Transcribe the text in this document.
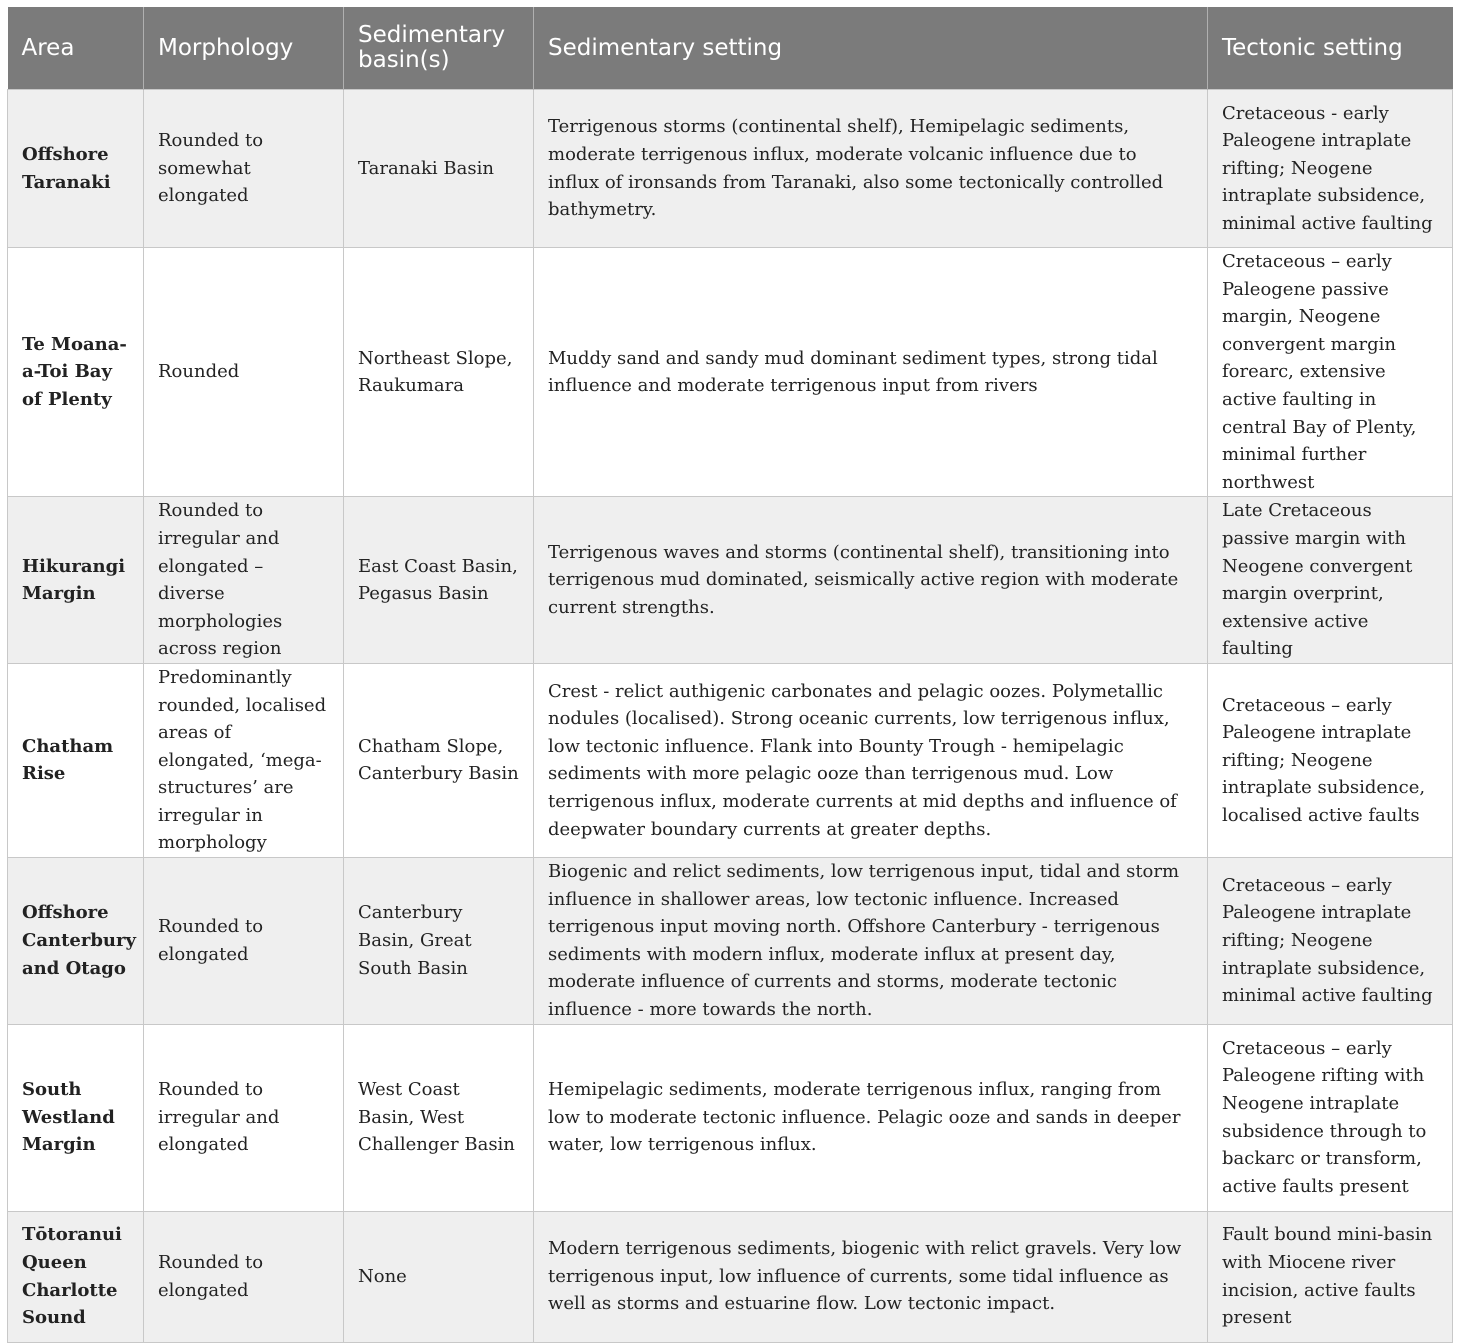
Area	Morphology	Sedimentary basin(s)	Sedimentary setting	Tectonic setting
Offshore Taranaki	Rounded to somewhat elongated	Taranaki Basin	Terrigenous storms (continental shelf), Hemipelagic sediments, moderate terrigenous influx, moderate volcanic influence due to influx of ironsands from Taranaki, also some tectonically controlled bathymetry.	Cretaceous - early Paleogene intraplate rifting; Neogene intraplate subsidence, minimal active faulting
Te Moana-a-Toi Bay of Plenty	Rounded	Northeast Slope, Raukumara	Muddy sand and sandy mud dominant sediment types, strong tidal influence and moderate terrigenous input from rivers	Cretaceous – early Paleogene passive margin, Neogene convergent margin forearc, extensive active faulting in central Bay of Plenty, minimal further northwest
Hikurangi Margin	Rounded to irregular and elongated – diverse morphologies across region	East Coast Basin, Pegasus Basin	Terrigenous waves and storms (continental shelf), transitioning into terrigenous mud dominated, seismically active region with moderate current strengths.	Late Cretaceous passive margin with Neogene convergent margin overprint, extensive active faulting
Chatham Rise	Predominantly rounded, localised areas of elongated, ‘mega-structures’ are irregular in morphology	Chatham Slope, Canterbury Basin	Crest - relict authigenic carbonates and pelagic oozes. Polymetallic nodules (localised). Strong oceanic currents, low terrigenous influx, low tectonic influence. Flank into Bounty Trough - hemipelagic sediments with more pelagic ooze than terrigenous mud. Low terrigenous influx, moderate currents at mid depths and influence of deepwater boundary currents at greater depths.	Cretaceous – early Paleogene intraplate rifting; Neogene intraplate subsidence, localised active faults
Offshore Canterbury and Otago	Rounded to elongated	Canterbury Basin, Great South Basin	Biogenic and relict sediments, low terrigenous input, tidal and storm influence in shallower areas, low tectonic influence. Increased terrigenous input moving north. Offshore Canterbury - terrigenous sediments with modern influx, moderate influx at present day, moderate influence of currents and storms, moderate tectonic influence - more towards the north.	Cretaceous – early Paleogene intraplate rifting; Neogene intraplate subsidence, minimal active faulting
South Westland Margin	Rounded to irregular and elongated	West Coast Basin, West Challenger Basin	Hemipelagic sediments, moderate terrigenous influx, ranging from low to moderate tectonic influence. Pelagic ooze and sands in deeper water, low terrigenous influx.	Cretaceous – early Paleogene rifting with Neogene intraplate subsidence through to backarc or transform, active faults present
Tōtoranui Queen Charlotte Sound	Rounded to elongated	None	Modern terrigenous sediments, biogenic with relict gravels. Very low terrigenous input, low influence of currents, some tidal influence as well as storms and estuarine flow. Low tectonic impact.	Fault bound mini-basin with Miocene river incision, active faults present
